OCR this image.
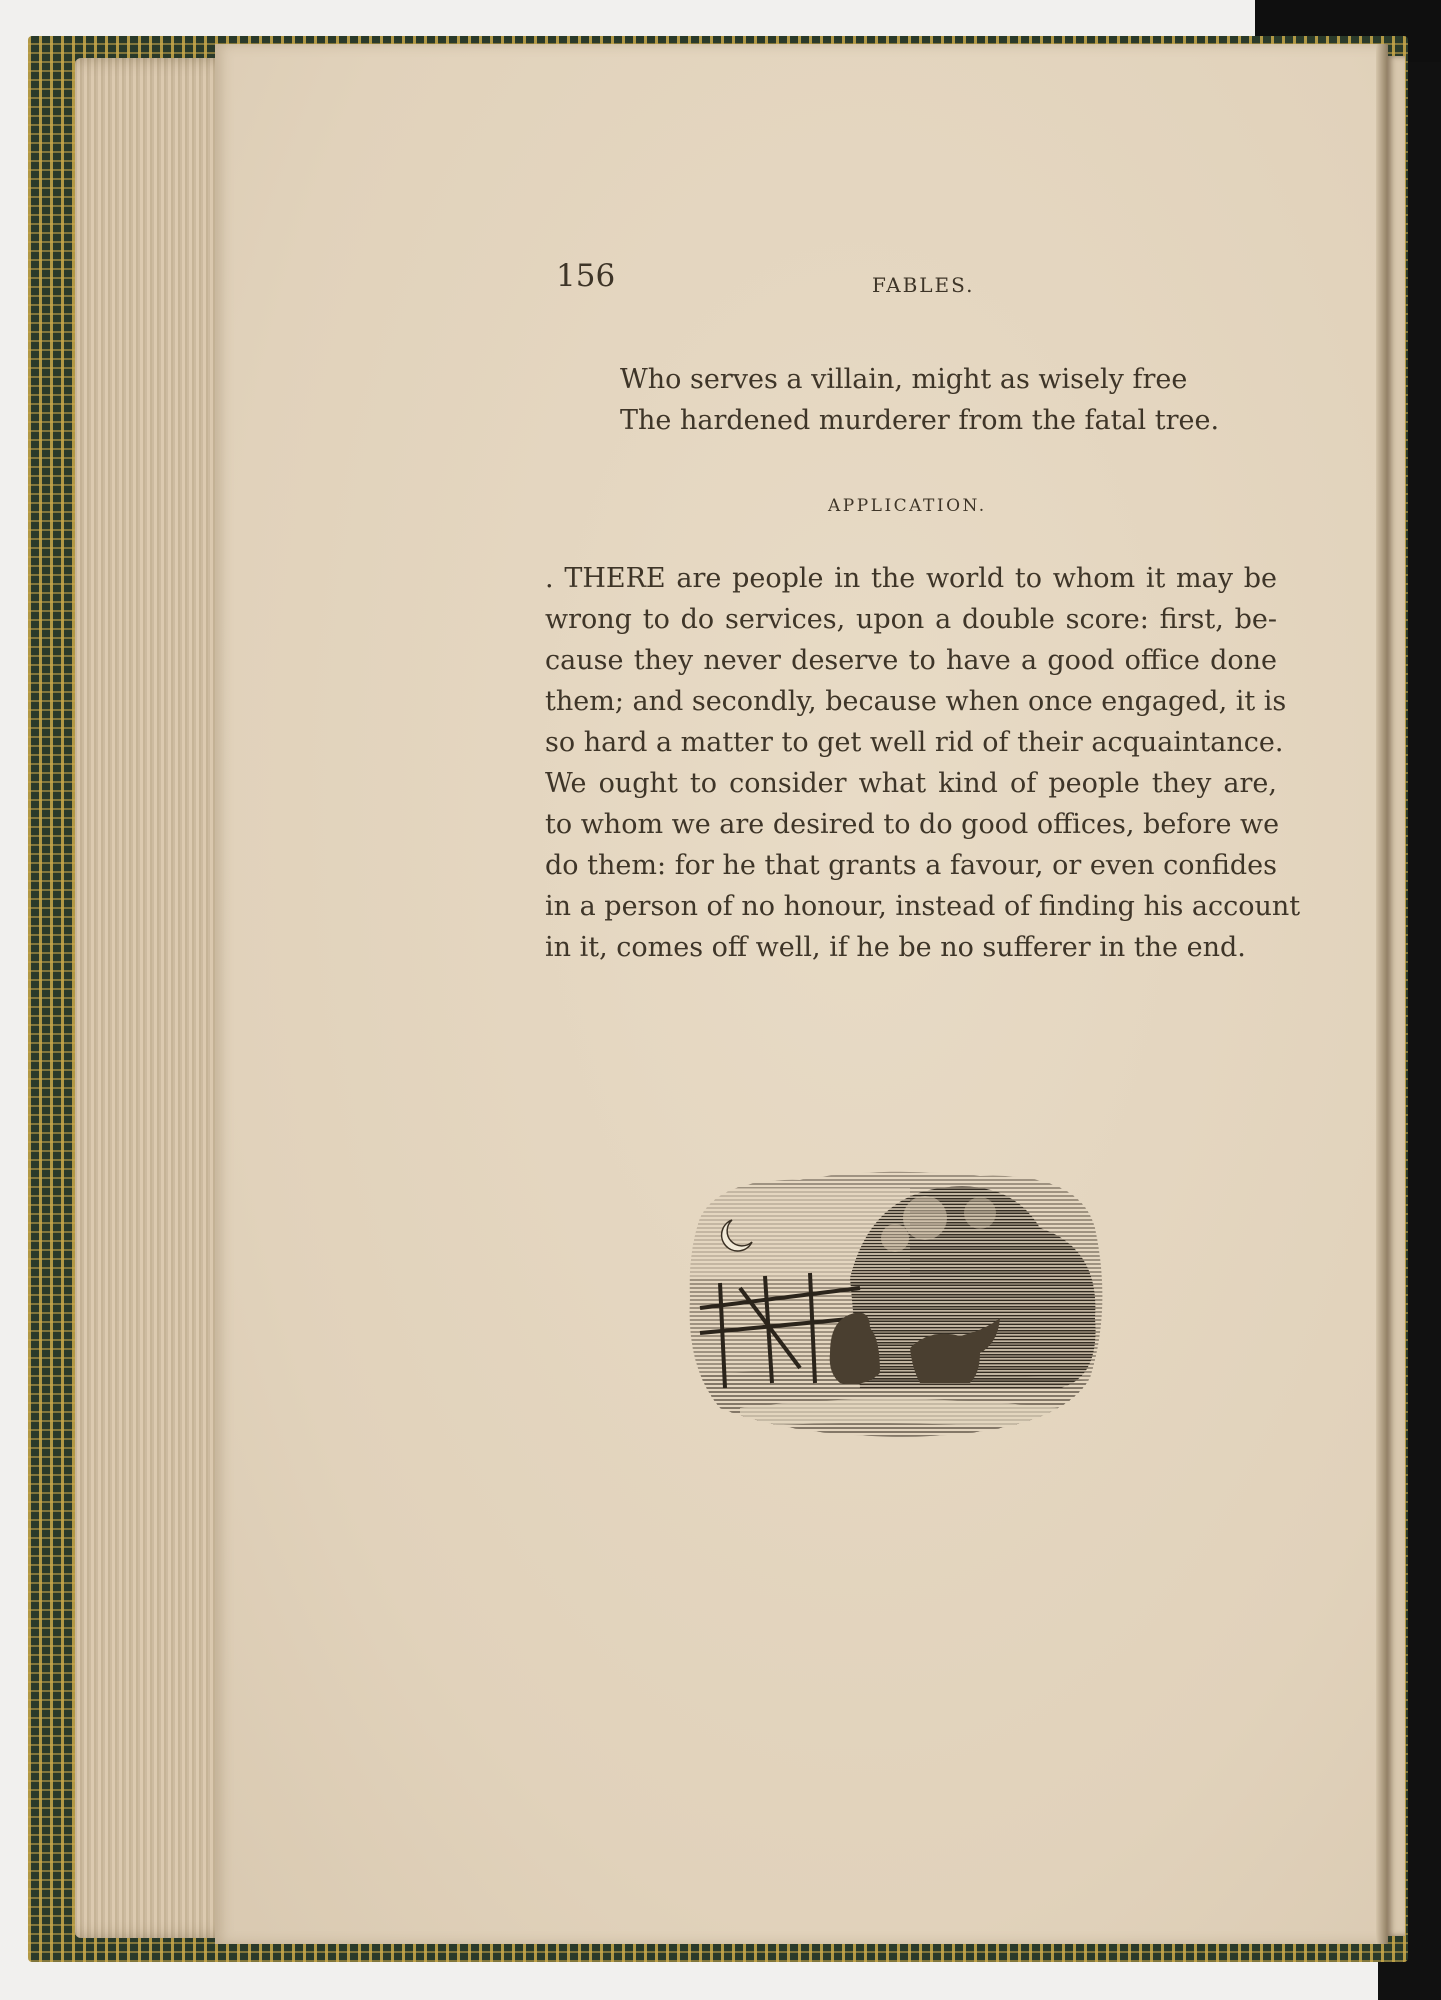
156	FABLES.
Who serves a villain, might as wisely free
The hardened murderer from the fatal tree.
APPLICATION.
. THERE are people in the world to whom it may be
wrong to do services, upon a double score: first, be-
cause they never deserve to have a good office done
them; and secondly, because when once engaged, it is
so hard a matter to get well rid of their acquaintance.
We ought to consider what kind of people they are,
to whom we are desired to do good offices, before we
do them: for he that grants a favour, or even confides
in a person of no honour, instead of finding his account
in it, comes off well, if he be no sufferer in the end.
